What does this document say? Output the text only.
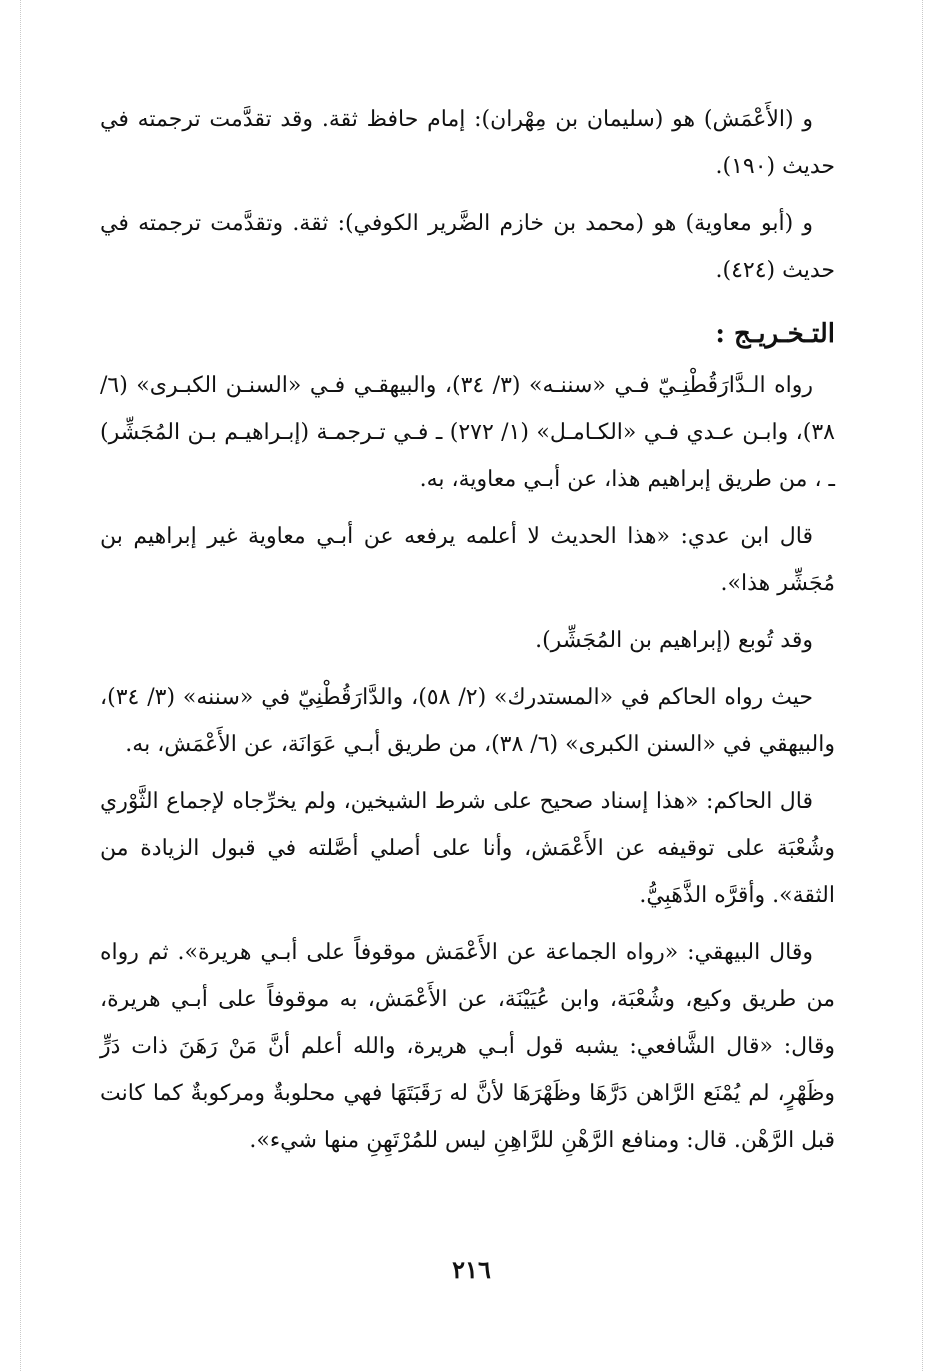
و (الأَعْمَش) هو (سليمان بن مِهْران): إمام حافظ ثقة. وقد تقدَّمت ترجمته في حديث (١٩٠).

و (أبو معاوية) هو (محمد بن خازم الضَّرير الكوفي): ثقة. وتقدَّمت ترجمته في حديث (٤٢٤).

التـخـريـج :

رواه الـدَّارَقُطْنِـيّ فـي «سننـه» (٣/ ٣٤)، والبيهقـي فـي «السنـن الكبـرى» (٦/ ٣٨)، وابـن عـدي فـي «الكـامـل» (١/ ٢٧٢) ـ فـي تـرجمـة (إبـراهيـم بـن المُجَشِّر) ـ ، من طريق إبراهيم هذا، عن أبـي معاوية، به.

قال ابن عدي: «هذا الحديث لا أعلمه يرفعه عن أبـي معاوية غير إبراهيم بن مُجَشِّر هذا».

وقد تُوبع (إبراهيم بن المُجَشِّر).

حيث رواه الحاكم في «المستدرك» (٢/ ٥٨)، والدَّارَقُطْنِيّ في «سننه» (٣/ ٣٤)، والبيهقي في «السنن الكبرى» (٦/ ٣٨)، من طريق أبـي عَوَانَة، عن الأَعْمَش، به.

قال الحاكم: «هذا إسناد صحيح على شرط الشيخين، ولم يخرِّجاه لإجماع الثَّوْري وشُعْبَة على توقيفه عن الأَعْمَش، وأنا على أصلي أصَّلته في قبول الزيادة من الثقة». وأقرَّه الذَّهَبِيُّ.

وقال البيهقي: «رواه الجماعة عن الأَعْمَش موقوفاً على أبـي هريرة». ثم رواه من طريق وكيع، وشُعْبَة، وابن عُيَيْنَة، عن الأَعْمَش، به موقوفاً على أبـي هريرة، وقال: «قال الشَّافعي: يشبه قول أبـي هريرة، والله أعلم أنَّ مَنْ رَهَنَ ذات دَرٍّ وظَهْرٍ، لم يُمْنَع الرَّاهن دَرَّهَا وظَهْرَهَا لأنَّ له رَقَبَتَهَا فهي محلوبةٌ ومركوبةٌ كما كانت قبل الرَّهْن. قال: ومنافع الرَّهْنِ للرَّاهِنِ ليس للمُرْتَهِنِ منها شيء».

٢١٦
